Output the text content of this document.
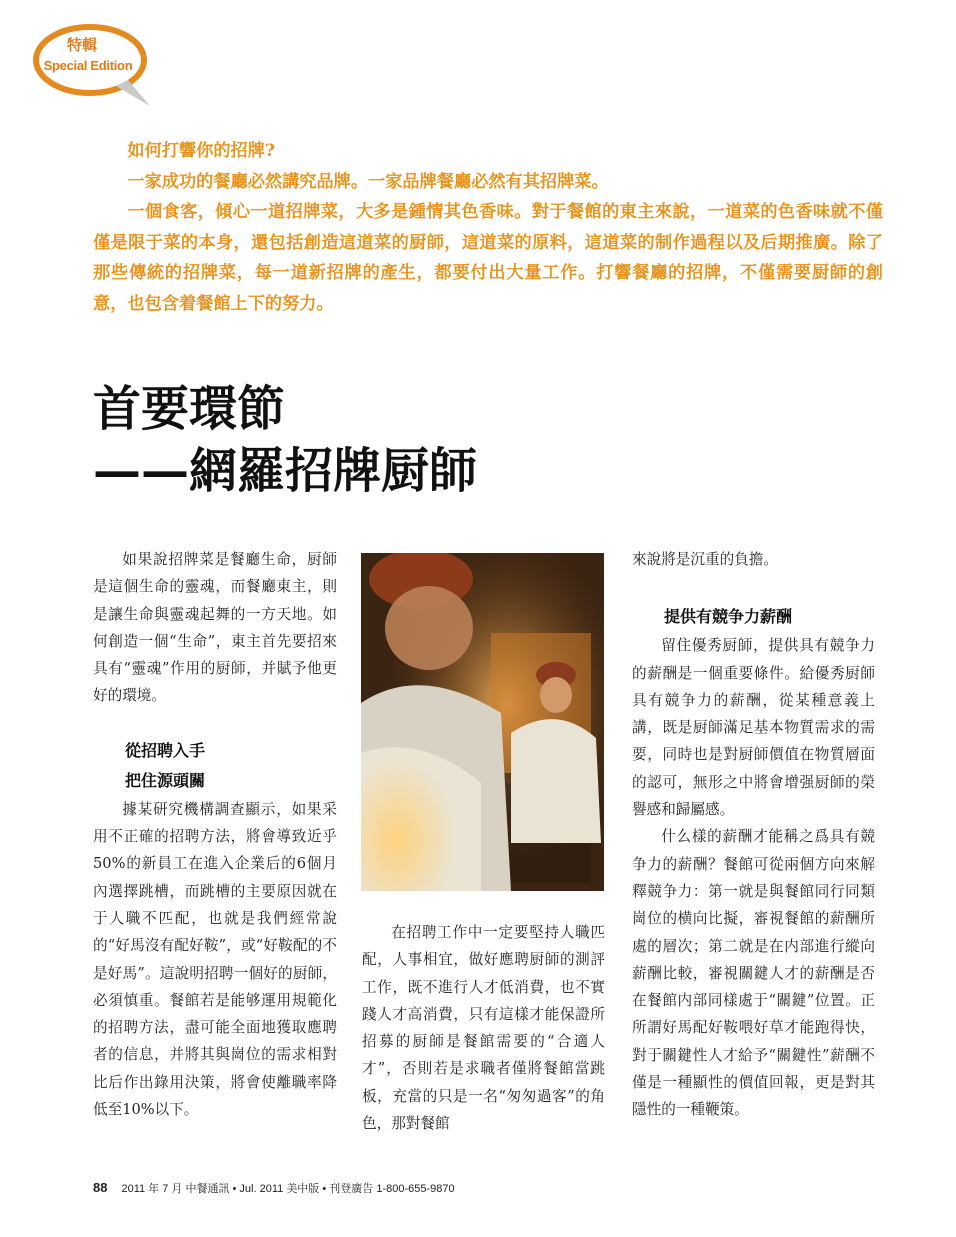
特輯
Special Edition

如何打響你的招牌?

一家成功的餐廳必然講究品牌。一家品牌餐廳必然有其招牌菜。

一個食客，傾心一道招牌菜，大多是鍾情其色香味。對于餐館的東主來說，一道菜的色香味就不僅僅是限于菜的本身，還包括創造這道菜的厨師，這道菜的原料，這道菜的制作過程以及后期推廣。除了那些傳統的招牌菜，每一道新招牌的產生，都要付出大量工作。打響餐廳的招牌，不僅需要厨師的創意，也包含着餐館上下的努力。

首要環節
——網羅招牌厨師

如果說招牌菜是餐廳生命，厨師是這個生命的靈魂，而餐廳東主，則是讓生命與靈魂起舞的一方天地。如何創造一個“生命”，東主首先要招來具有“靈魂”作用的厨師，并賦予他更好的環境。

從招聘入手
把住源頭關

據某研究機構調查顯示，如果采用不正確的招聘方法，將會導致近乎50%的新員工在進入企業后的6個月內選擇跳槽，而跳槽的主要原因就在于人職不匹配，也就是我們經常說的“好馬沒有配好鞍”，或“好鞍配的不是好馬”。這說明招聘一個好的厨師，必須慎重。餐館若是能够運用規範化的招聘方法，盡可能全面地獲取應聘者的信息，并將其與崗位的需求相對比后作出錄用決策，將會使離職率降低至10%以下。

在招聘工作中一定要堅持人職匹配，人事相宜，做好應聘厨師的測評工作，既不進行人才低消費，也不實踐人才高消費，只有這樣才能保證所招募的厨師是餐館需要的“合適人才”，否則若是求職者僅將餐館當跳板，充當的只是一名“匆匆過客”的角色，那對餐館

來說將是沉重的負擔。

提供有競争力薪酬

留住優秀厨師，提供具有競争力的薪酬是一個重要條件。給優秀厨師具有競争力的薪酬，從某種意義上講，既是厨師滿足基本物質需求的需要，同時也是對厨師價值在物質層面的認可，無形之中將會增强厨師的榮譽感和歸屬感。

什么樣的薪酬才能稱之爲具有競争力的薪酬？餐館可從兩個方向來解釋競争力：第一就是與餐館同行同類崗位的横向比擬，審視餐館的薪酬所處的層次；第二就是在内部進行縱向薪酬比較，審視關鍵人才的薪酬是否在餐館内部同樣處于“關鍵”位置。正所謂好馬配好鞍喂好草才能跑得快，對于關鍵性人才給予“關鍵性”薪酬不僅是一種顯性的價值回報，更是對其隱性的一種鞭策。

88 2011 年 7 月 中餐通訊 • Jul. 2011 美中版 • 刊登廣告 1-800-655-9870
